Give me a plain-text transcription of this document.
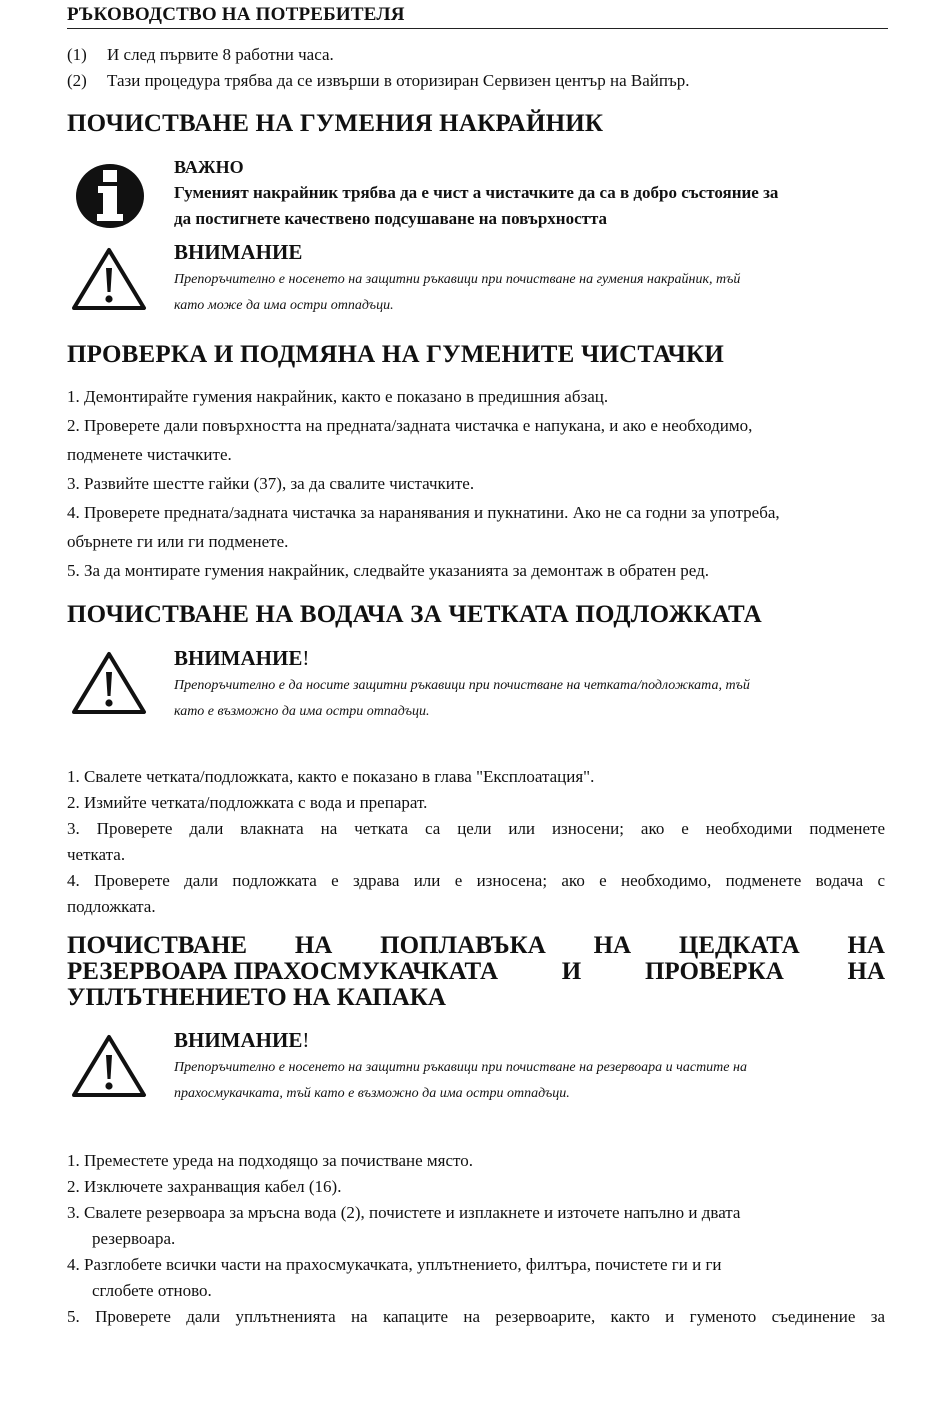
РЪКОВОДСТВО НА ПОТРЕБИТЕЛЯ
(1) И след първите 8 работни часа.
(2) Тази процедура трябва да се извърши в оторизиран Сервизен център на Вайпър.
ПОЧИСТВАНЕ НА ГУМЕНИЯ НАКРАЙНИК
ВАЖНО
Гуменият накрайник трябва да е чист а чистачките да са в добро състояние за
да постигнете качествено подсушаване на повърхността
ВНИМАНИЕ
Препоръчително е носенето на защитни ръкавици при почистване на гумения накрайник, тъй
като може да има остри отпадъци.
ПРОВЕРКА И ПОДМЯНА НА ГУМЕНИТЕ ЧИСТАЧКИ
1. Демонтирайте гумения накрайник, както е показано в предишния абзац.
2. Проверете дали повърхността на предната/задната чистачка е напукана, и ако е необходимо,
подменете чистачките.
3. Развийте шестте гайки (37), за да свалите чистачките.
4. Проверете предната/задната чистачка за наранявания и пукнатини. Ако не са годни за употреба,
обърнете ги или ги подменете.
5. За да монтирате гумения накрайник, следвайте указанията за демонтаж в обратен ред.
ПОЧИСТВАНЕ НА ВОДАЧА ЗА ЧЕТКАТА ПОДЛОЖКАТА
ВНИМАНИЕ!
Препоръчително е да носите защитни ръкавици при почистване на четката/подложката, тъй
като е възможно да има остри отпадъци.
1. Свалете четката/подложката, както е показано в глава "Експлоатация".
2. Измийте четката/подложката с вода и препарат.
3. Проверете дали влакната на четката са цели или износени; ако е необходими подменете
четката.
4. Проверете дали подложката е здрава или е износена; ако е необходимо, подменете водача с
подложката.
ПОЧИСТВАНЕ НА ПОПЛАВЪКА НА ЦЕДКАТА НА
РЕЗЕРВОАРА ПРАХОСМУКАЧКАТА	И	ПРОВЕРКА	НА
УПЛЪТНЕНИЕТО НА КАПАКА
ВНИМАНИЕ!
Препоръчително е носенето на защитни ръкавици при почистване на резервоара и частите на
прахосмукачката, тъй като е възможно да има остри отпадъци.
1. Преместете уреда на подходящо за почистване място.
2. Изключете захранващия кабел (16).
3. Свалете резервоара за мръсна вода (2), почистете и изплакнете и източете напълно и двата
резервоара.
4. Разглобете всички части на прахосмукачката, уплътнението, филтъра, почистете ги и ги
сглобете отново.
5. Проверете дали уплътненията на капаците на резервоарите, както и гуменото съединение за
